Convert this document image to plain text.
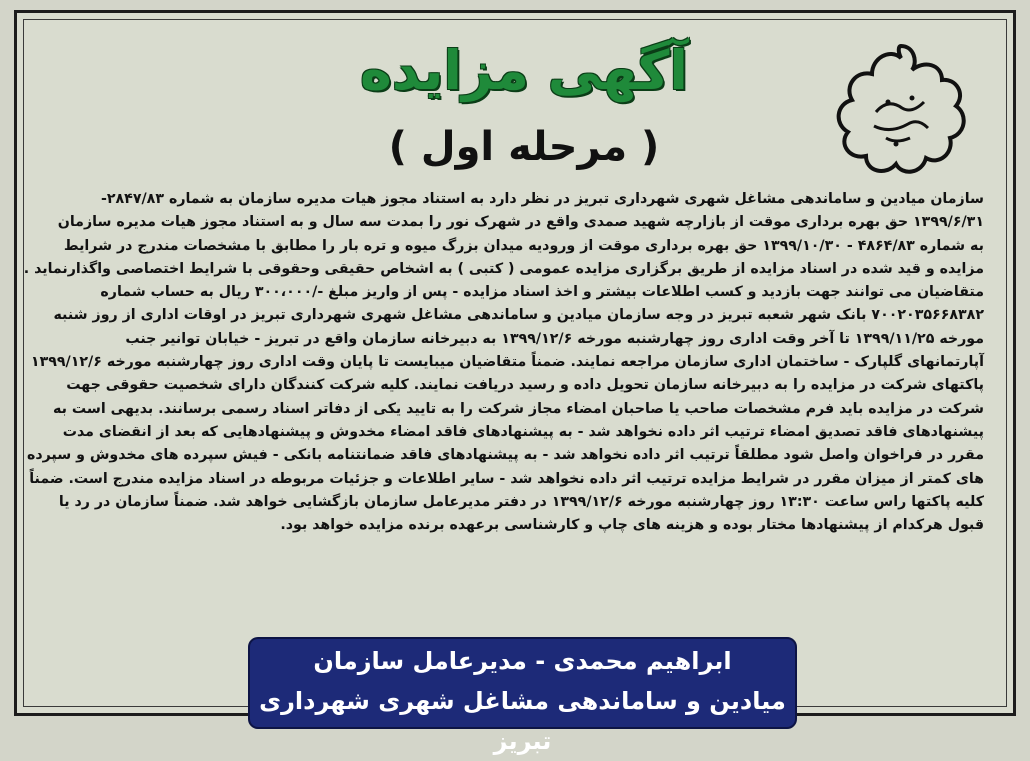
آگهی مزایده
( مرحله اول )
سازمان میادین و ساماندهی مشاغل شهری شهرداری تبریز در نظر دارد به استناد مجوز هیات مدیره سازمان به شماره ۲۸۴۷/۸۳-
۱۳۹۹/۶/۳۱ حق بهره برداری موقت از بازارچه شهید صمدی واقع در شهرک نور را بمدت سه سال و به استناد مجوز هیات مدیره سازمان
به شماره ۴۸۶۴/۸۳ - ۱۳۹۹/۱۰/۳۰ حق بهره برداری موقت از ورودیه میدان بزرگ میوه و تره بار را مطابق با مشخصات مندرج در شرایط
مزایده و قید شده در اسناد مزایده از طریق برگزاری مزایده عمومی ( کتبی ) به اشخاص حقیقی وحقوقی با شرایط اختصاصی واگذارنماید .
متقاضیان می توانند جهت بازدید و کسب اطلاعات بیشتر و اخذ اسناد مزایده - پس از واریز مبلغ -/۳۰۰،۰۰۰ ریال به حساب شماره
۷۰۰۲۰۳۵۶۶۸۳۸۲ بانک شهر شعبه تبریز در وجه سازمان میادین و ساماندهی مشاغل شهری شهرداری تبریز در اوقات اداری از روز شنبه
مورخه ۱۳۹۹/۱۱/۲۵ تا آخر وقت اداری روز چهارشنبه مورخه ۱۳۹۹/۱۲/۶ به دبیرخانه سازمان واقع در تبریز - خیابان توانیر جنب
آپارتمانهای گلپارک - ساختمان اداری سازمان مراجعه نمایند. ضمناً متقاضیان میبایست تا پایان وقت اداری روز چهارشنبه مورخه ۱۳۹۹/۱۲/۶
پاکتهای شرکت در مزایده را به دبیرخانه سازمان تحویل داده و رسید دریافت نمایند. کلیه شرکت کنندگان دارای شخصیت حقوقی جهت
شرکت در مزایده باید فرم مشخصات صاحب یا صاحبان امضاء مجاز شرکت را به تایید یکی از دفاتر اسناد رسمی برسانند. بدیهی است به
پیشنهادهای فاقد تصدیق امضاء ترتیب اثر داده نخواهد شد - به پیشنهادهای فاقد امضاء مخدوش و پیشنهادهایی که بعد از انقضای مدت
مقرر در فراخوان واصل شود مطلقاً ترتیب اثر داده نخواهد شد - به پیشنهادهای فاقد ضمانتنامه بانکی - فیش سپرده های مخدوش و سپرده
های کمتر از میزان مقرر در شرایط مزایده ترتیب اثر داده نخواهد شد - سایر اطلاعات و جزئیات مربوطه در اسناد مزایده مندرج است. ضمناً
کلیه پاکتها راس ساعت ۱۳:۳۰ روز چهارشنبه مورخه ۱۳۹۹/۱۲/۶ در دفتر مدیرعامل سازمان بازگشایی خواهد شد. ضمناً سازمان در رد یا
قبول هرکدام از پیشنهادها مختار بوده و هزینه های چاپ و کارشناسی برعهده برنده مزایده خواهد بود.
ابراهیم محمدی - مدیرعامل سازمان
میادین و ساماندهی مشاغل شهری شهرداری تبریز
